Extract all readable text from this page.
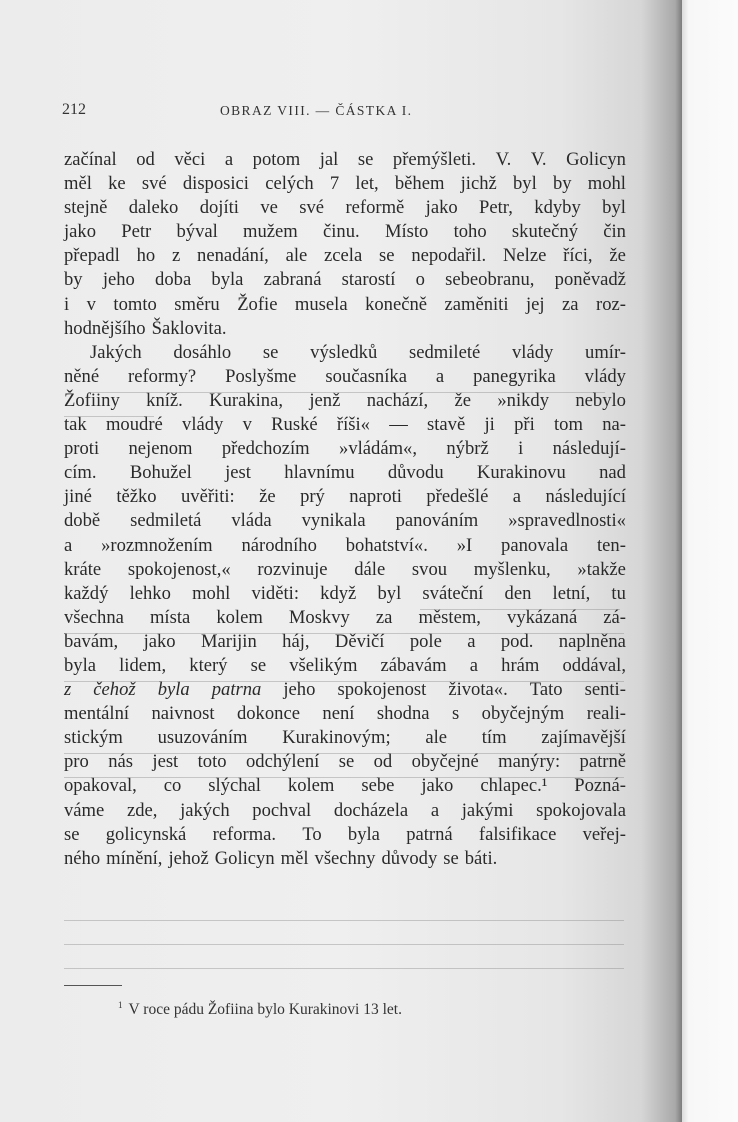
212	OBRAZ VIII. — ČÁSTKA I.
začínal od věci a potom jal se přemýšleti. V. V. Golicyn
měl ke své disposici celých 7 let, během jichž byl by mohl
stejně daleko dojíti ve své reformě jako Petr, kdyby byl
jako Petr býval mužem činu. Místo toho skutečný čin
přepadl ho z nenadání, ale zcela se nepodařil. Nelze říci, že
by jeho doba byla zabraná starostí o sebeobranu, poněvadž
i v tomto směru Žofie musela konečně zaměniti jej za roz-
hodnějšího Šaklovita.
Jakých dosáhlo se výsledků sedmileté vlády umír-
něné reformy? Poslyšme současníka a panegyrika vlády
Žofiiny kníž. Kurakina, jenž nachází, že »nikdy nebylo
tak moudré vlády v Ruské říši« — stavě ji při tom na-
proti nejenom předchozím »vládám«, nýbrž i následují-
cím. Bohužel jest hlavnímu důvodu Kurakinovu nad
jiné těžko uvěřiti: že prý naproti předešlé a následující
době sedmiletá vláda vynikala panováním »spravedlnosti«
a »rozmnožením národního bohatství«. »I panovala ten-
kráte spokojenost,« rozvinuje dále svou myšlenku, »takže
každý lehko mohl viděti: když byl sváteční den letní, tu
všechna místa kolem Moskvy za městem, vykázaná zá-
bavám, jako Marijin háj, Děvičí pole a pod. naplněna
byla lidem, který se všelikým zábavám a hrám oddával,
z čehož byla patrna jeho spokojenost života«. Tato senti-
mentální naivnost dokonce není shodna s obyčejným reali-
stickým usuzováním Kurakinovým; ale tím zajímavější
pro nás jest toto odchýlení se od obyčejné manýry: patrně
opakoval, co slýchal kolem sebe jako chlapec.¹ Pozná-
váme zde, jakých pochval docházela a jakými spokojovala
se golicynská reforma. To byla patrná falsifikace veřej-
ného mínění, jehož Golicyn měl všechny důvody se báti.
$^1$ V roce pádu Žofiina bylo Kurakinovi 13 let.
